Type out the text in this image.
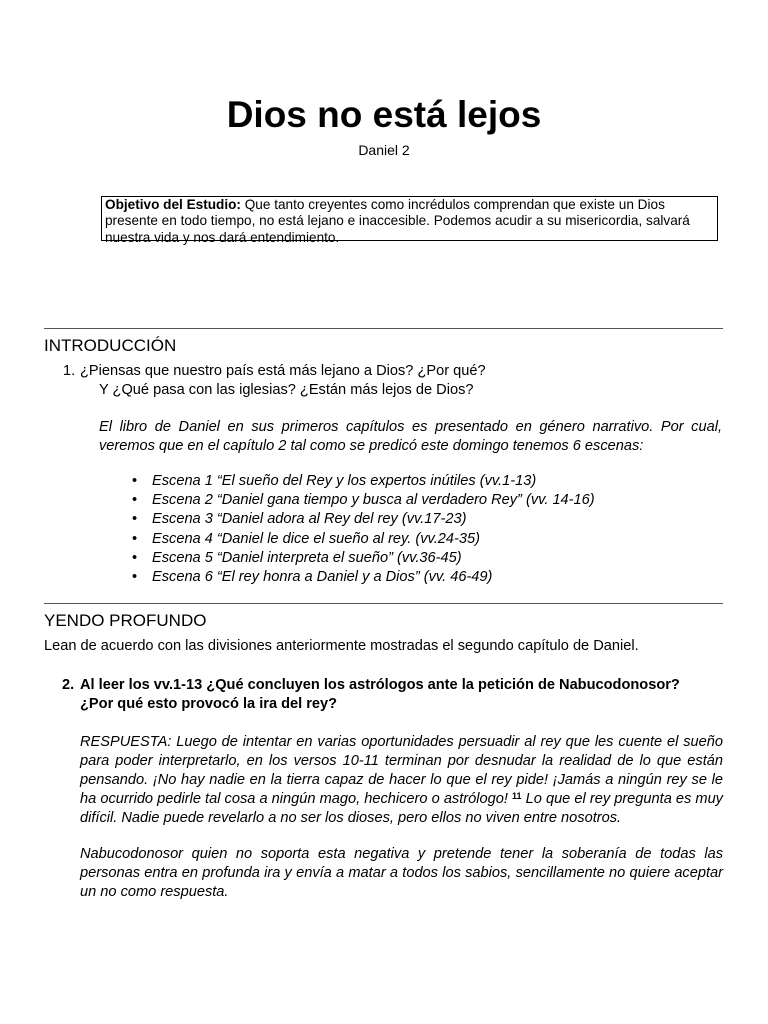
Dios no está lejos
Daniel 2
Objetivo del Estudio: Que tanto creyentes como incrédulos comprendan que existe un Dios presente en todo tiempo, no está lejano e inaccesible. Podemos acudir a su misericordia, salvará nuestra vida y nos dará entendimiento.
INTRODUCCIÓN
1. ¿Piensas que nuestro país está más lejano a Dios? ¿Por qué?
Y ¿Qué pasa con las iglesias? ¿Están más lejos de Dios?
El libro de Daniel en sus primeros capítulos es presentado en género narrativo. Por cual, veremos que en el capítulo 2 tal como se predicó este domingo tenemos 6 escenas:
• Escena 1 “El sueño del Rey y los expertos inútiles (vv.1-13)
• Escena 2 “Daniel gana tiempo y busca al verdadero Rey” (vv. 14-16)
• Escena 3 “Daniel adora al Rey del rey (vv.17-23)
• Escena 4 “Daniel le dice el sueño al rey. (vv.24-35)
• Escena 5 “Daniel interpreta el sueño” (vv.36-45)
• Escena 6 “El rey honra a Daniel y a Dios” (vv. 46-49)
YENDO PROFUNDO
Lean de acuerdo con las divisiones anteriormente mostradas el segundo capítulo de Daniel.
2. Al leer los vv.1-13 ¿Qué concluyen los astrólogos ante la petición de Nabucodonosor? ¿Por qué esto provocó la ira del rey?
RESPUESTA: Luego de intentar en varias oportunidades persuadir al rey que les cuente el sueño para poder interpretarlo, en los versos 10-11 terminan por desnudar la realidad de lo que están pensando. ¡No hay nadie en la tierra capaz de hacer lo que el rey pide! ¡Jamás a ningún rey se le ha ocurrido pedirle tal cosa a ningún mago, hechicero o astrólogo! $^{11}$ Lo que el rey pregunta es muy difícil. Nadie puede revelarlo a no ser los dioses, pero ellos no viven entre nosotros.
Nabucodonosor quien no soporta esta negativa y pretende tener la soberanía de todas las personas entra en profunda ira y envía a matar a todos los sabios, sencillamente no quiere aceptar un no como respuesta.
